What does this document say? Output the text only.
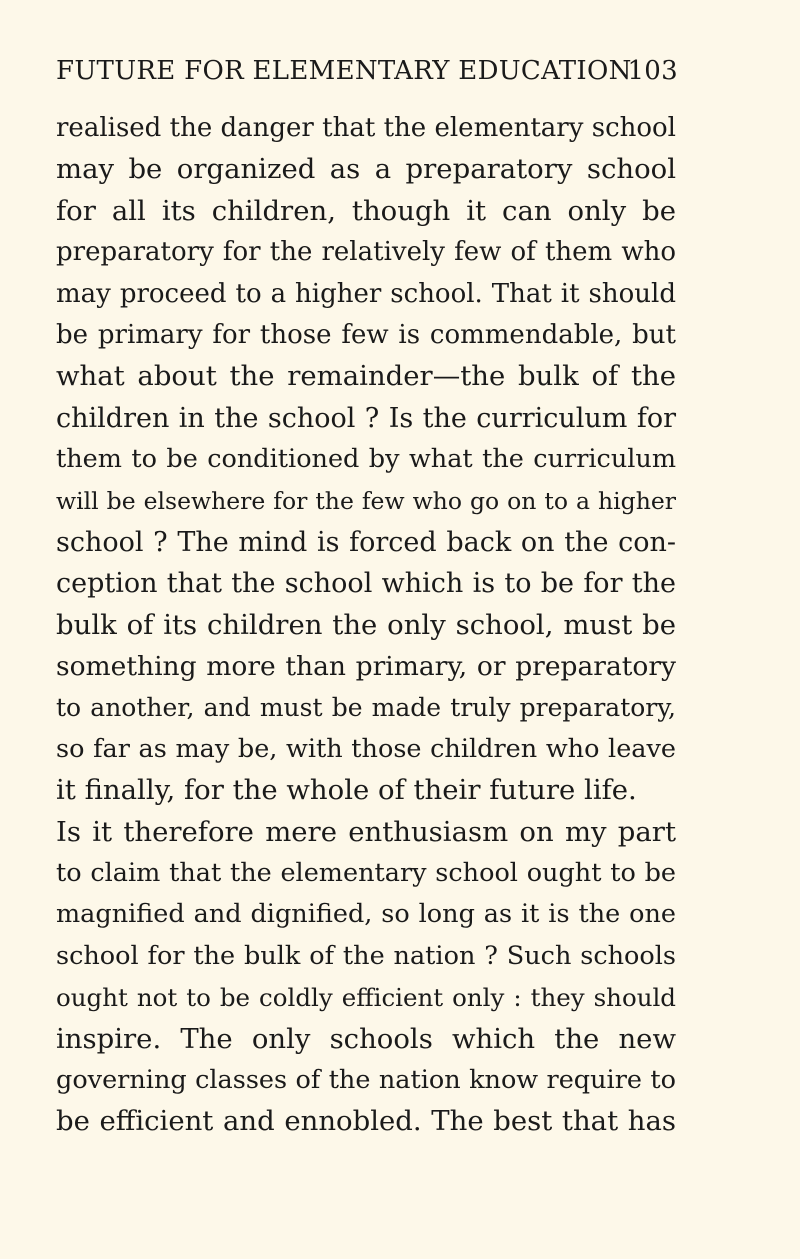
FUTURE FOR ELEMENTARY EDUCATION
103
realised the danger that the elementary school
may be organized as a preparatory school
for all its children, though it can only be
preparatory for the relatively few of them who
may proceed to a higher school. That it should
be primary for those few is commendable, but
what about the remainder—the bulk of the
children in the school ? Is the curriculum for
them to be conditioned by what the curriculum
will be elsewhere for the few who go on to a higher
school ? The mind is forced back on the con-
ception that the school which is to be for the
bulk of its children the only school, must be
something more than primary, or preparatory
to another, and must be made truly preparatory,
so far as may be, with those children who leave
it finally, for the whole of their future life.
Is it therefore mere enthusiasm on my part
to claim that the elementary school ought to be
magnified and dignified, so long as it is the one
school for the bulk of the nation ? Such schools
ought not to be coldly efficient only : they should
inspire. The only schools which the new
governing classes of the nation know require to
be efficient and ennobled. The best that has
